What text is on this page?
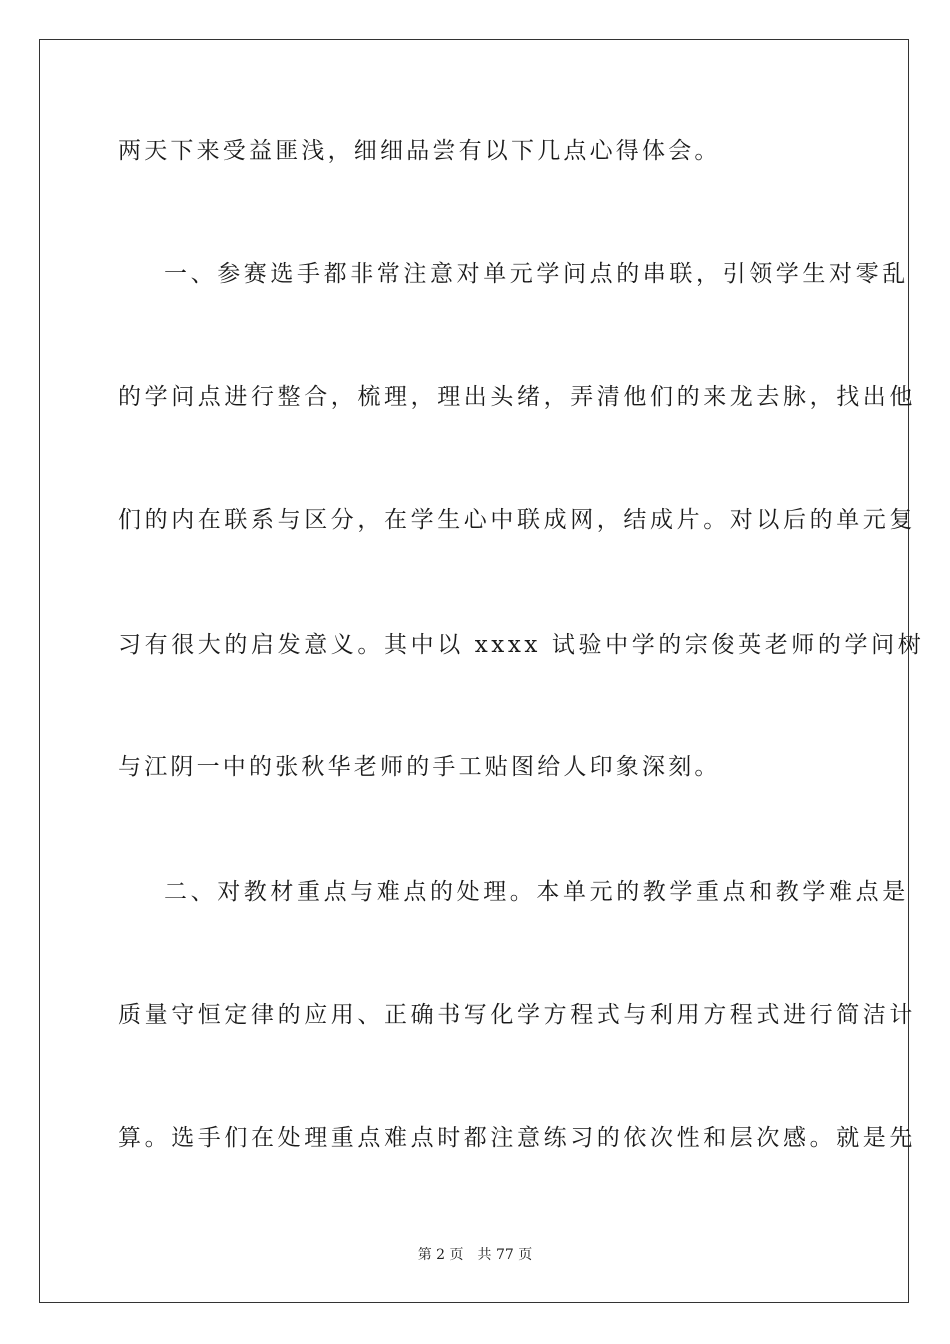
两天下来受益匪浅，细细品尝有以下几点心得体会。
一、参赛选手都非常注意对单元学问点的串联，引领学生对零乱
的学问点进行整合，梳理，理出头绪，弄清他们的来龙去脉，找出他
们的内在联系与区分，在学生心中联成网，结成片。对以后的单元复
习有很大的启发意义。其中以 xxxx 试验中学的宗俊英老师的学问树
与江阴一中的张秋华老师的手工贴图给人印象深刻。
二、对教材重点与难点的处理。本单元的教学重点和教学难点是
质量守恒定律的应用、正确书写化学方程式与利用方程式进行简洁计
算。选手们在处理重点难点时都注意练习的依次性和层次感。就是先
第 2 页 共 77 页
